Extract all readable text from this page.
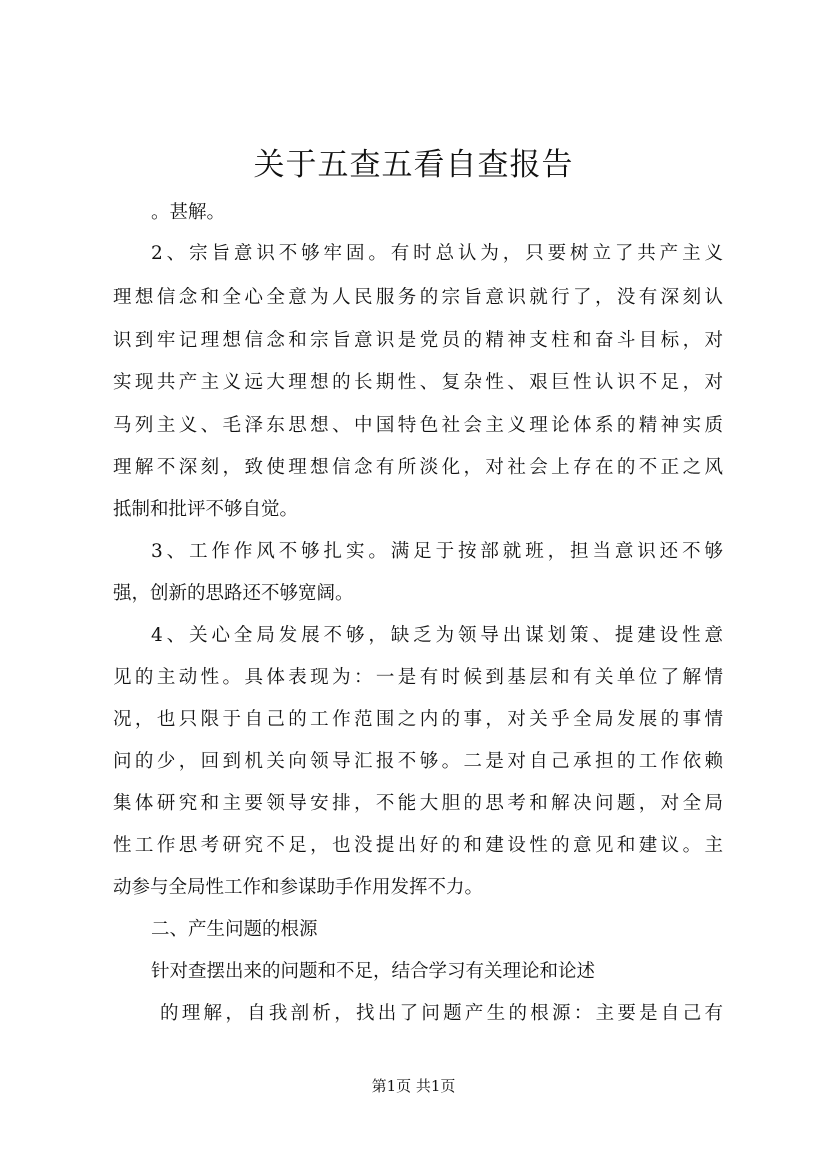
关于五查五看自查报告
。甚解。
2、宗旨意识不够牢固。有时总认为，只要树立了共产主义
理想信念和全心全意为人民服务的宗旨意识就行了，没有深刻认
识到牢记理想信念和宗旨意识是党员的精神支柱和奋斗目标，对
实现共产主义远大理想的长期性、复杂性、艰巨性认识不足，对
马列主义、毛泽东思想、中国特色社会主义理论体系的精神实质
理解不深刻，致使理想信念有所淡化，对社会上存在的不正之风
抵制和批评不够自觉。
3、工作作风不够扎实。满足于按部就班，担当意识还不够
强，创新的思路还不够宽阔。
4、关心全局发展不够，缺乏为领导出谋划策、提建设性意
见的主动性。具体表现为：一是有时候到基层和有关单位了解情
况，也只限于自己的工作范围之内的事，对关乎全局发展的事情
问的少，回到机关向领导汇报不够。二是对自己承担的工作依赖
集体研究和主要领导安排，不能大胆的思考和解决问题，对全局
性工作思考研究不足，也没提出好的和建设性的意见和建议。主
动参与全局性工作和参谋助手作用发挥不力。
二、产生问题的根源
针对查摆出来的问题和不足，结合学习有关理论和论述
的理解，自我剖析，找出了问题产生的根源：主要是自己有
第1页 共1页
